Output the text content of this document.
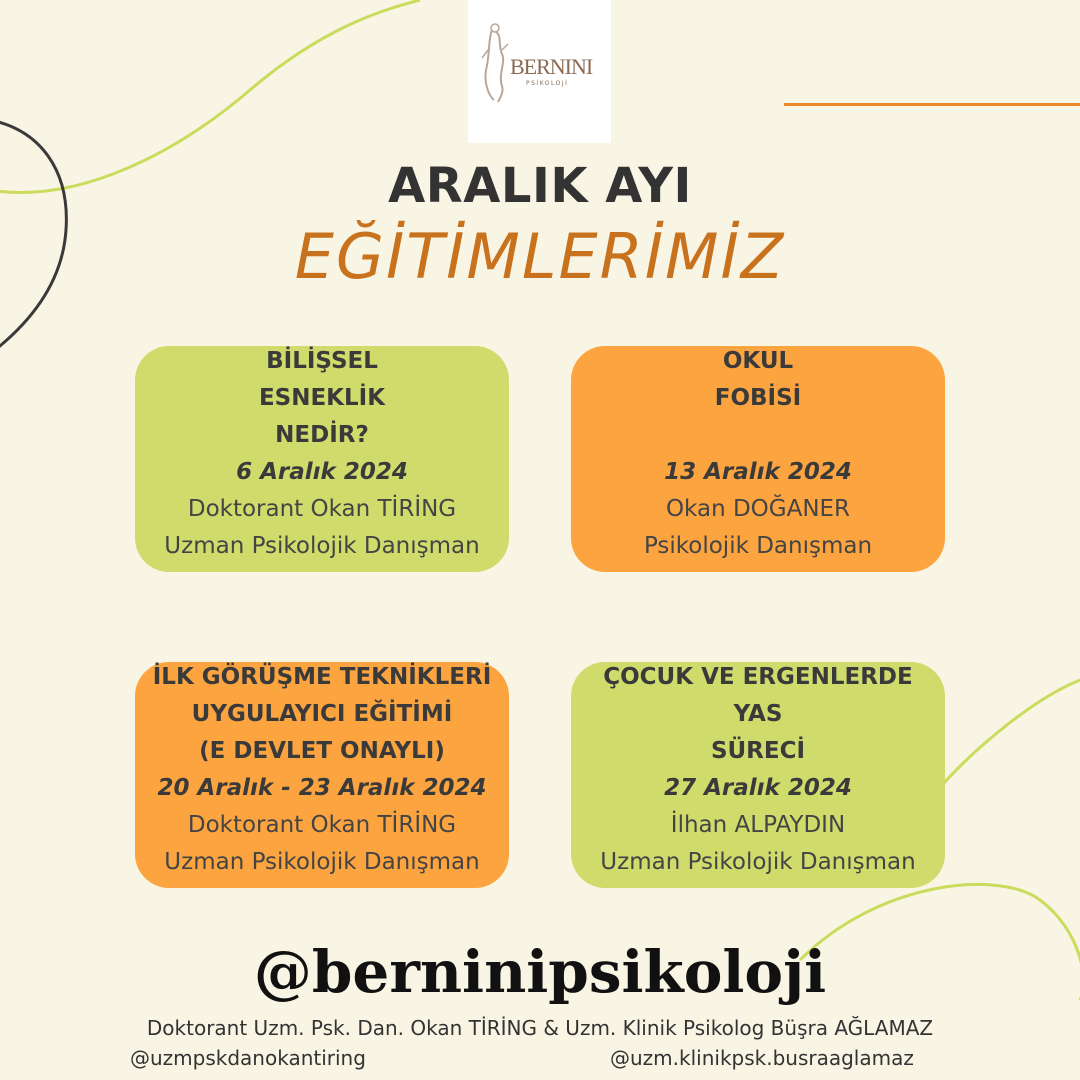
BERNINI
PSİKOLOJİ
ARALIK AYI
EĞİTİMLERİMİZ
BİLİŞSEL
ESNEKLİK
NEDİR?
6 Aralık 2024
Doktorant Okan TİRİNG
Uzman Psikolojik Danışman
OKUL
FOBİSİ
13 Aralık 2024
Okan DOĞANER
Psikolojik Danışman
İLK GÖRÜŞME TEKNİKLERİ
UYGULAYICI EĞİTİMİ
(E DEVLET ONAYLI)
20 Aralık - 23 Aralık 2024
Doktorant Okan TİRİNG
Uzman Psikolojik Danışman
ÇOCUK VE ERGENLERDE
YAS
SÜRECİ
27 Aralık 2024
İlhan ALPAYDIN
Uzman Psikolojik Danışman
@berninipsikoloji
Doktorant Uzm. Psk. Dan. Okan TİRİNG & Uzm. Klinik Psikolog Büşra AĞLAMAZ
@uzmpskdanokantiring	@uzm.klinikpsk.busraaglamaz
